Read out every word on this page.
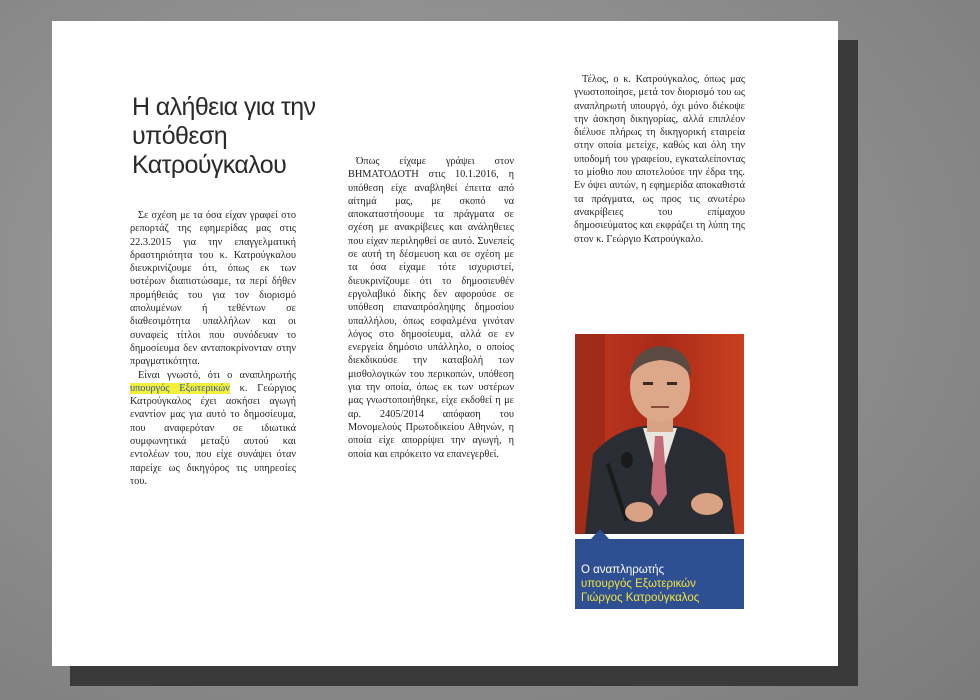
Η αλήθεια για την υπόθεση Κατρούγκαλου

Σε σχέση με τα όσα είχαν γραφεί στο ρεπορτάζ της εφημερίδας μας στις 22.3.2015 για την επαγγελματική δραστηριότητα του κ. Κατρούγκαλου διευκρινίζουμε ότι, όπως εκ των υστέρων διαπιστώσαμε, τα περί δήθεν προμήθειάς του για τον διορισμό απολυμένων ή τεθέντων σε διαθεσιμότητα υπαλλήλων και οι συναφείς τίτλοι που συνόδευαν το δημοσίευμα δεν ανταποκρίνονταν στην πραγματικότητα.

Είναι γνωστό, ότι ο αναπληρωτής υπουργός Εξωτερικών κ. Γεώργιος Κατρούγκαλος έχει ασκήσει αγωγή εναντίον μας για αυτό το δημοσίευμα, που αναφερόταν σε ιδιωτικά συμφωνητικά μεταξύ αυτού και εντολέων του, που είχε συνάψει όταν παρείχε ως δικηγόρος τις υπηρεσίες του.

Όπως είχαμε γράψει στον ΒΗΜΑΤΟΔΟΤΗ στις 10.1.2016, η υπόθεση είχε αναβληθεί έπειτα από αίτημά μας, με σκοπό να αποκαταστήσουμε τα πράγματα σε σχέση με ανακρίβειες και ανάληθειες που είχαν περιληφθεί σε αυτό. Συνεπείς σε αυτή τη δέσμευση και σε σχέση με τα όσα είχαμε τότε ισχυριστεί, διευκρινίζουμε ότι το δημοσιευθέν εργολαβικό δίκης δεν αφορούσε σε υπόθεση επαναπρόσληψης δημοσίου υπαλλήλου, όπως εσφαλμένα γινόταν λόγος στο δημοσίευμα, αλλά σε εν ενεργεία δημόσιο υπάλληλο, ο οποίος διεκδικούσε την καταβολή των μισθολογικών του περικοπών, υπόθεση για την οποία, όπως εκ των υστέρων μας γνωστοποιήθηκε, είχε εκδοθεί η με αρ. 2405/2014 απόφαση του Μονομελούς Πρωτοδικείου Αθηνών, η οποία είχε απορρίψει την αγωγή, η οποία και επρόκειτο να επανεγερθεί.

Τέλος, ο κ. Κατρούγκαλος, όπως μας γνωστοποίησε, μετά τον διορισμό του ως αναπληρωτή υπουργό, όχι μόνο διέκοψε την άσκηση δικηγορίας, αλλά επιπλέον διέλυσε πλήρως τη δικηγορική εταιρεία στην οποία μετείχε, καθώς και όλη την υποδομή του γραφείου, εγκαταλείποντας το μίσθιο που αποτελούσε την έδρα της. Εν όψει αυτών, η εφημερίδα αποκαθιστά τα πράγματα, ως προς τις ανωτέρω ανακρίβειες του επίμαχου δημοσιεύματος και εκφράζει τη λύπη της στον κ. Γεώργιο Κατρούγκαλο.

Ο αναπληρωτής
υπουργός Εξωτερικών
Γιώργος Κατρούγκαλος
